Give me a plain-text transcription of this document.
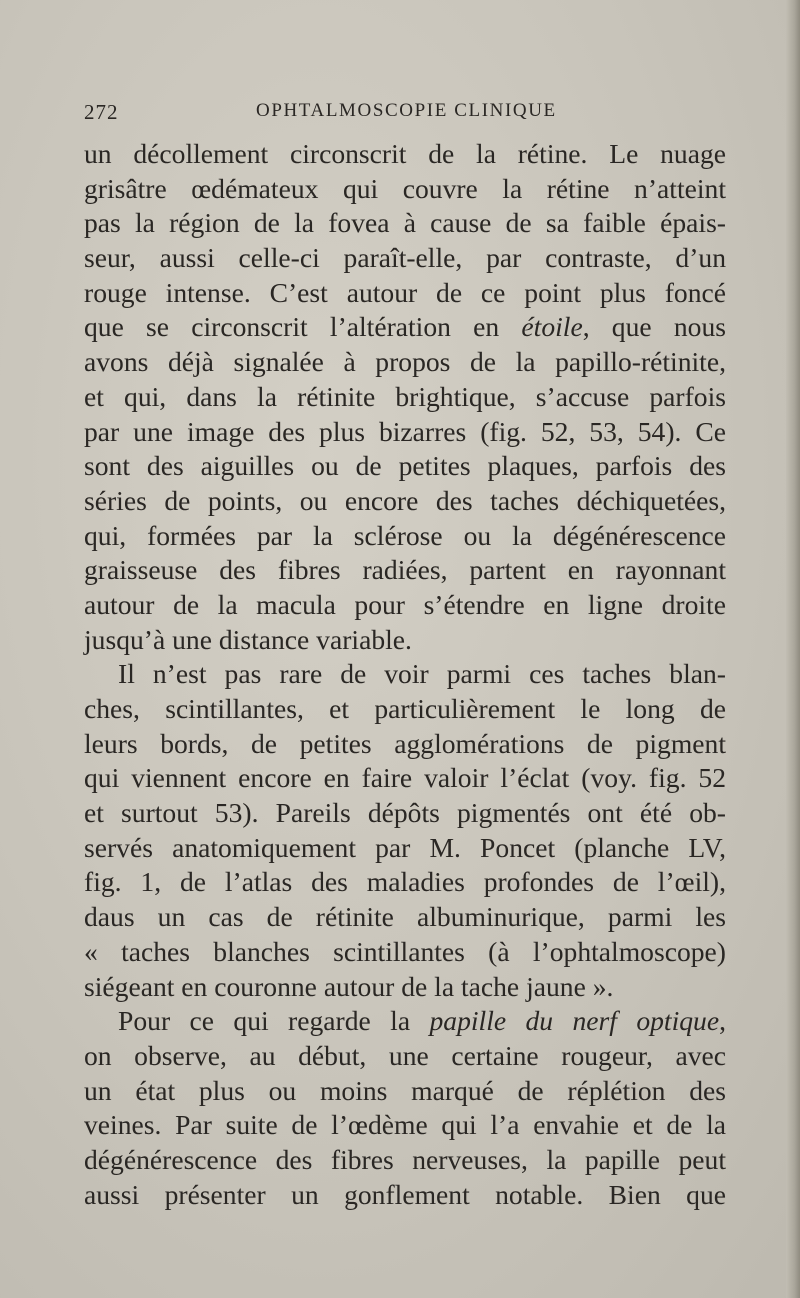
272	OPHTALMOSCOPIE CLINIQUE
un décollement circonscrit de la rétine. Le nuage
grisâtre œdémateux qui couvre la rétine n’atteint
pas la région de la fovea à cause de sa faible épais-
seur, aussi celle-ci paraît-elle, par contraste, d’un
rouge intense. C’est autour de ce point plus foncé
que se circonscrit l’altération en étoile, que nous
avons déjà signalée à propos de la papillo-rétinite,
et qui, dans la rétinite brightique, s’accuse parfois
par une image des plus bizarres (fig. 52, 53, 54). Ce
sont des aiguilles ou de petites plaques, parfois des
séries de points, ou encore des taches déchiquetées,
qui, formées par la sclérose ou la dégénérescence
graisseuse des fibres radiées, partent en rayonnant
autour de la macula pour s’étendre en ligne droite
jusqu’à une distance variable.
Il n’est pas rare de voir parmi ces taches blan-
ches, scintillantes, et particulièrement le long de
leurs bords, de petites agglomérations de pigment
qui viennent encore en faire valoir l’éclat (voy. fig. 52
et surtout 53). Pareils dépôts pigmentés ont été ob-
servés anatomiquement par M. Poncet (planche LV,
fig. 1, de l’atlas des maladies profondes de l’œil),
daus un cas de rétinite albuminurique, parmi les
« taches blanches scintillantes (à l’ophtalmoscope)
siégeant en couronne autour de la tache jaune ».
Pour ce qui regarde la papille du nerf optique,
on observe, au début, une certaine rougeur, avec
un état plus ou moins marqué de réplétion des
veines. Par suite de l’œdème qui l’a envahie et de la
dégénérescence des fibres nerveuses, la papille peut
aussi présenter un gonflement notable. Bien que
